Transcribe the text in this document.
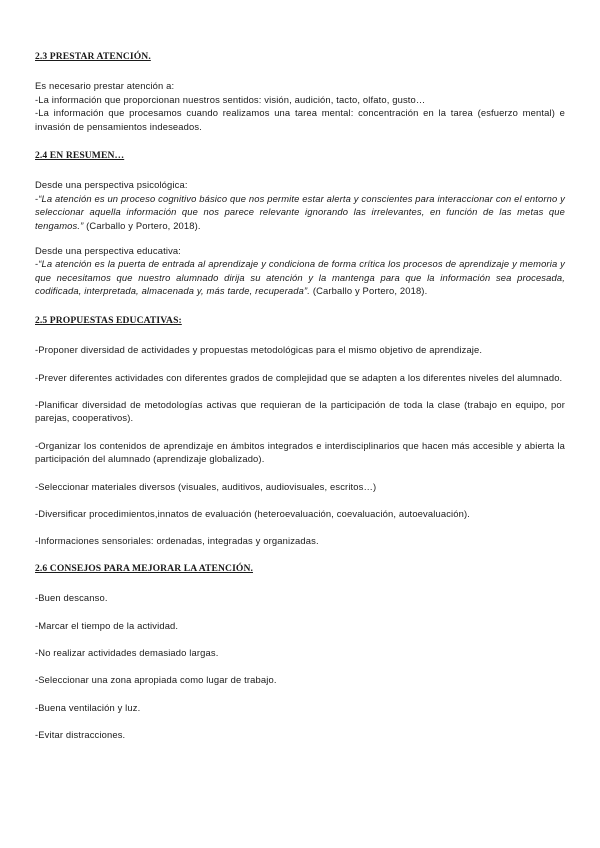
2.3 PRESTAR ATENCIÓN.

Es necesario prestar atención a:

-La información que proporcionan nuestros sentidos: visión, audición, tacto, olfato, gusto…

-La información que procesamos cuando realizamos una tarea mental: concentración en la tarea (esfuerzo mental) e invasión de pensamientos indeseados.

2.4 EN RESUMEN…

Desde una perspectiva psicológica:

-“La atención es un proceso cognitivo básico que nos permite estar alerta y conscientes para interaccionar con el entorno y seleccionar aquella información que nos parece relevante ignorando las irrelevantes, en función de las metas que tengamos.” (Carballo y Portero, 2018).

Desde una perspectiva educativa:

-“La atención es la puerta de entrada al aprendizaje y condiciona de forma crítica los procesos de aprendizaje y memoria y que necesitamos que nuestro alumnado dirija su atención y la mantenga para que la información sea procesada, codificada, interpretada, almacenada y, más tarde, recuperada”. (Carballo y Portero, 2018).

2.5 PROPUESTAS EDUCATIVAS:

-Proponer diversidad de actividades y propuestas metodológicas para el mismo objetivo de aprendizaje.

-Prever diferentes actividades con diferentes grados de complejidad que se adapten a los diferentes niveles del alumnado.

-Planificar diversidad de metodologías activas que requieran de la participación de toda la clase (trabajo en equipo, por parejas, cooperativos).

-Organizar los contenidos de aprendizaje en ámbitos integrados e interdisciplinarios que hacen más accesible y abierta la participación del alumnado (aprendizaje globalizado).

-Seleccionar materiales diversos (visuales, auditivos, audiovisuales, escritos…)

-Diversificar procedimientos,innatos de evaluación (heteroevaluación, coevaluación, autoevaluación).

-Informaciones sensoriales: ordenadas, integradas y organizadas.

2.6 CONSEJOS PARA MEJORAR LA ATENCIÓN.

-Buen descanso.

-Marcar el tiempo de la actividad.

-No realizar actividades demasiado largas.

-Seleccionar una zona apropiada como lugar de trabajo.

-Buena ventilación y luz.

-Evitar distracciones.
